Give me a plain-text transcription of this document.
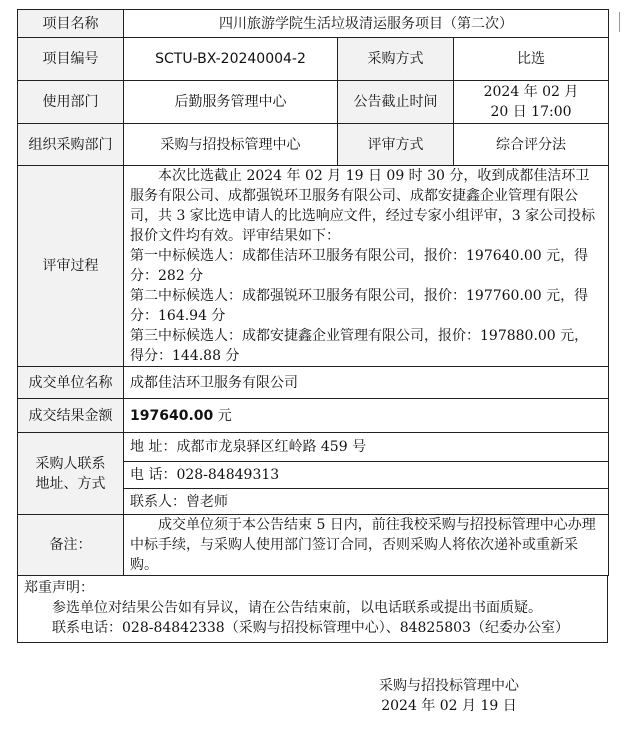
项目名称	四川旅游学院生活垃圾清运服务项目（第二次）		
项目编号	SCTU-BX-20240004-2	采购方式	比选
使用部门	后勤服务管理中心	公告截止时间	2024 年 02 月 20 日 17:00
组织采购部门	采购与招投标管理中心	评审方式	综合评分法
评审过程	本次比选截止 2024 年 02 月 19 日 09 时 30 分，收到成都佳洁环卫服务有限公司、成都强锐环卫服务有限公司、成都安捷鑫企业管理有限公司，共 3 家比选申请人的比选响应文件，经过专家小组评审，3 家公司投标报价文件均有效。评审结果如下：

第一中标候选人：成都佳洁环卫服务有限公司，报价：197640.00 元，得分：282 分

第二中标候选人：成都强锐环卫服务有限公司，报价：197760.00 元，得分：164.94 分

第三中标候选人：成都安捷鑫企业管理有限公司，报价：197880.00 元，得分：144.88 分		

成交单位名称	成都佳洁环卫服务有限公司		
成交结果金额	197640.00 元		
采购人联系地址、方式	地 址：成都市龙泉驿区红岭路 459 号		
	电 话：028-84849313		
	联系人：曾老师		
备注：	成交单位须于本公告结束 5 日内，前往我校采购与招投标管理中心办理中标手续，与采购人使用部门签订合同，否则采购人将依次递补或重新采购。		

郑重声明：

参选单位对结果公告如有异议，请在公告结束前，以电话联系或提出书面质疑。

联系电话：028-84842338（采购与招投标管理中心）、84825803（纪委办公室）

采购与招投标管理中心
2024 年 02 月 19 日
